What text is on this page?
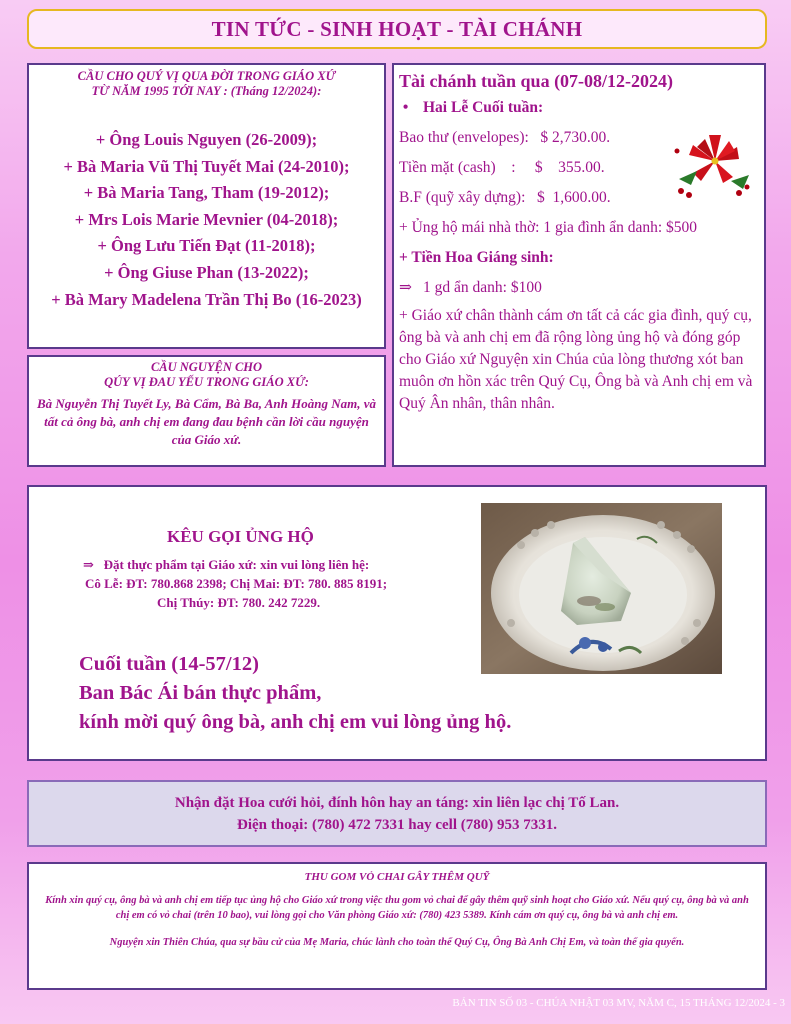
TIN TỨC - SINH HOẠT - TÀI CHÁNH
CẦU CHO QUÝ VỊ QUA ĐỜI TRONG GIÁO XỨ
TỪ NĂM 1995 TỚI NAY : (Tháng 12/2024):
+ Ông Louis Nguyen (26-2009);
+ Bà Maria Vũ Thị Tuyết Mai (24-2010);
+ Bà Maria Tang, Tham (19-2012);
+ Mrs Lois Marie Mevnier (04-2018);
+ Ông Lưu Tiến Đạt (11-2018);
+ Ông Giuse Phan (13-2022);
+ Bà Mary Madelena Trần Thị Bo (16-2023)
CẦU NGUYỆN CHO
QÚY VỊ ĐAU YẾU TRONG GIÁO XỨ:
Bà Nguyễn Thị Tuyết Ly, Bà Cẩm, Bà Ba, Anh Hoàng Nam, và tất cả ông bà, anh chị em đang đau bệnh cần lời cầu nguyện của Giáo xứ.
Tài chánh tuần qua (07-08/12-2024)
• Hai Lễ Cuối tuần:
Bao thư (envelopes):   $ 2,730.00.
Tiền mặt (cash)    :     $    355.00.
B.F (quỹ xây dựng):   $  1,600.00.
+ Ủng hộ mái nhà thờ: 1 gia đình ẩn danh: $500
+ Tiền Hoa Giáng sinh:
⇒ 1 gd ẩn danh: $100
+ Giáo xứ chân thành cám ơn tất cả các gia đình, quý cụ, ông bà và anh chị em đã rộng lòng ủng hộ và đóng góp cho Giáo xứ Nguyện xin Chúa của lòng thương xót ban muôn ơn hồn xác trên Quý Cụ, Ông bà và Anh chị em và Quý Ân nhân, thân nhân.
KÊU GỌI ỦNG HỘ
⇒   Đặt thực phẩm tại Giáo xứ: xin vui lòng liên hệ:
Cô Lễ: ĐT: 780.868 2398; Chị Mai: ĐT: 780. 885 8191;
Chị Thúy: ĐT: 780. 242 7229.
Cuối tuần (14-57/12)
Ban Bác Ái bán thực phẩm,
kính mời quý ông bà, anh chị em vui lòng ủng hộ.
Nhận đặt Hoa cưới hỏi, đính hôn hay an táng: xin liên lạc chị Tố Lan.
Điện thoại: (780) 472 7331 hay cell (780) 953 7331.
THU GOM VỎ CHAI GÂY THÊM QUỸ
Kính xin quý cụ, ông bà và anh chị em tiếp tục ủng hộ cho Giáo xứ trong việc thu gom vỏ chai để gây thêm quỹ sinh hoạt cho Giáo xứ. Nếu quý cụ, ông bà và anh chị em có vỏ chai (trên 10 bao), vui lòng gọi cho Văn phòng Giáo xứ: (780) 423 5389. Kính cám ơn quý cụ, ông bà và anh chị em.
Nguyện xin Thiên Chúa, qua sự bầu cử của Mẹ Maria, chúc lành cho toàn thể Quý Cụ, Ông Bà Anh Chị Em, và toàn thể gia quyến.
BẢN TIN SỐ 03 - CHÚA NHẬT 03 MV, NĂM C, 15 THÁNG 12/2024 - 3
